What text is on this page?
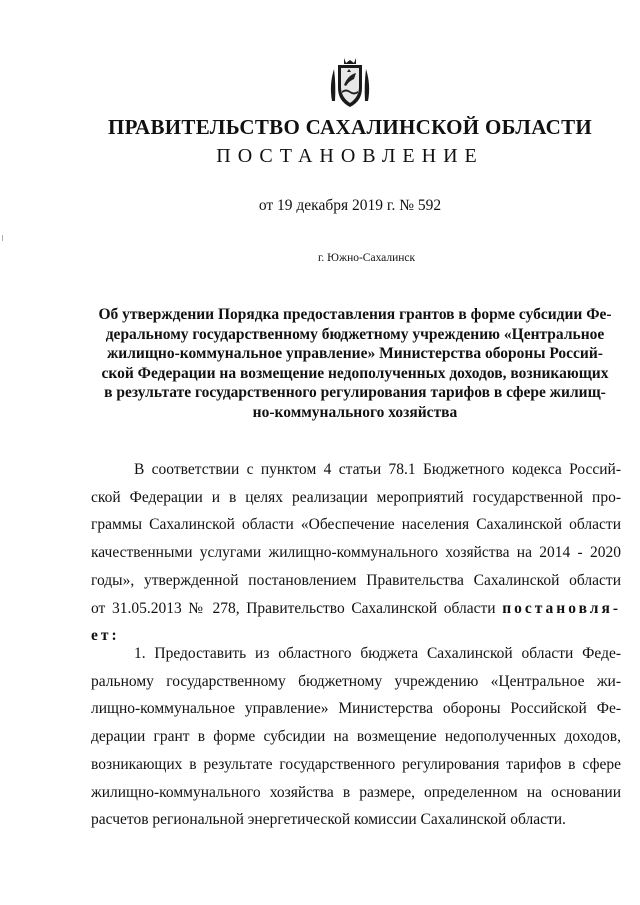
ПРАВИТЕЛЬСТВО САХАЛИНСКОЙ ОБЛАСТИ
ПОСТАНОВЛЕНИЕ
от 19 декабря 2019 г. № 592
г. Южно-Сахалинск
Об утверждении Порядка предоставления грантов в форме субсидии Фе-
деральному государственному бюджетному учреждению «Центральное
жилищно-коммунальное управление» Министерства обороны Россий-
ской Федерации на возмещение недополученных доходов, возникающих
в результате государственного регулирования тарифов в сфере жилищ-
но-коммунального хозяйства
В соответствии с пунктом 4 статьи 78.1 Бюджетного кодекса Россий-
ской Федерации и в целях реализации мероприятий государственной про-
граммы Сахалинской области «Обеспечение населения Сахалинской области
качественными услугами жилищно-коммунального хозяйства на 2014 - 2020
годы», утвержденной постановлением Правительства Сахалинской области
от 31.05.2013 № 278, Правительство Сахалинской области постановля-
ет:
1. Предоставить из областного бюджета Сахалинской области Феде-
ральному государственному бюджетному учреждению «Центральное жи-
лищно-коммунальное управление» Министерства обороны Российской Фе-
дерации грант в форме субсидии на возмещение недополученных доходов,
возникающих в результате государственного регулирования тарифов в сфере
жилищно-коммунального хозяйства в размере, определенном на основании
расчетов региональной энергетической комиссии Сахалинской области.
